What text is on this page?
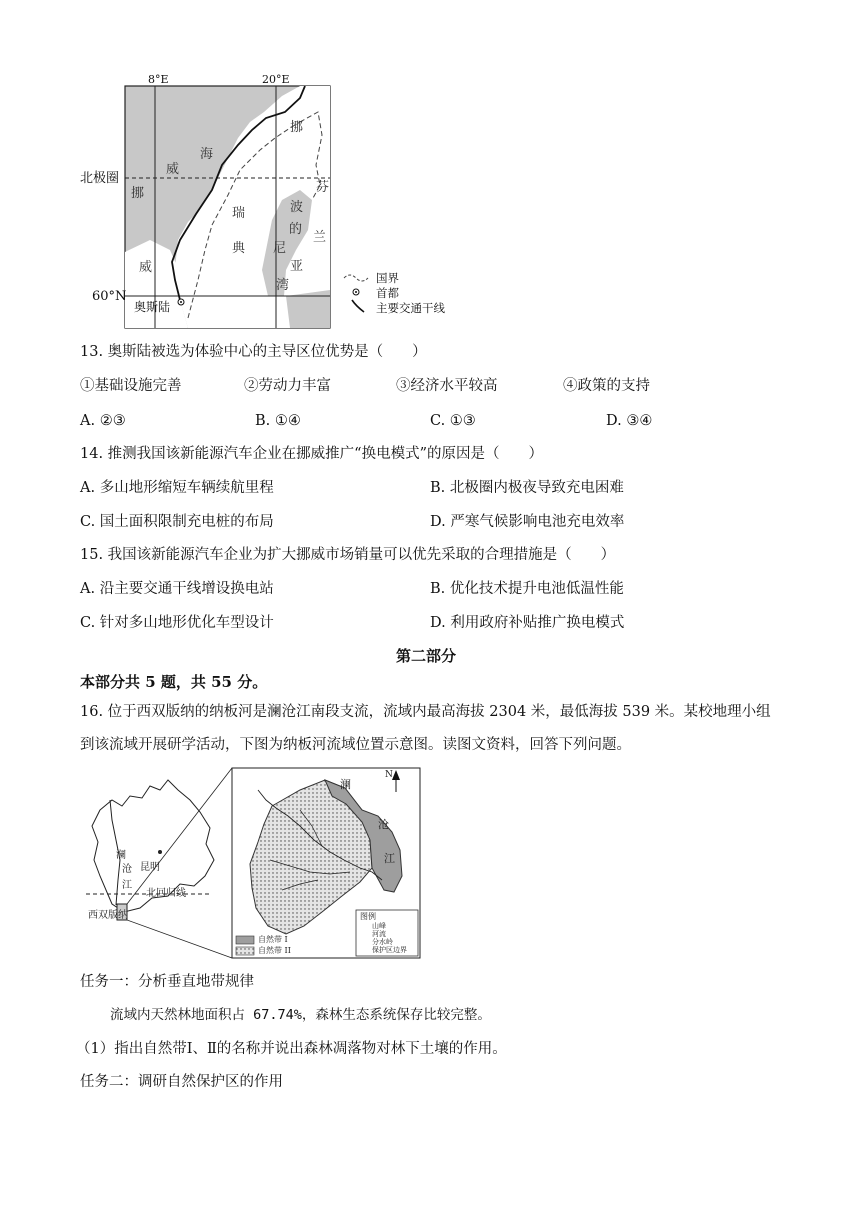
8°E	20°E
北极圈
60°N
挪
威
海
威
挪
瑞
典
芬
兰
波
的
尼
亚
湾
奥斯陆
国界
首都
主要交通干线
13. 奥斯陆被选为体验中心的主导区位优势是（　　）
①基础设施完善	②劳动力丰富	③经济水平较高	④政策的支持
A. ②③	B. ①④	C. ①③	D. ③④
14. 推测我国该新能源汽车企业在挪威推广“换电模式”的原因是（　　）
A. 多山地形缩短车辆续航里程	B. 北极圈内极夜导致充电困难
C. 国土面积限制充电桩的布局	D. 严寒气候影响电池充电效率
15. 我国该新能源汽车企业为扩大挪威市场销量可以优先采取的合理措施是（　　）
A. 沿主要交通干线增设换电站	B. 优化技术提升电池低温性能
C. 针对多山地形优化车型设计	D. 利用政府补贴推广换电模式
第二部分
本部分共 5 题，共 55 分。
16. 位于西双版纳的纳板河是澜沧江南段支流，流域内最高海拔 2304 米，最低海拔 539 米。某校地理小组
到该流域开展研学活动，下图为纳板河流域位置示意图。读图文资料，回答下列问题。
澜
沧
江
昆明
北回归线
西双版纳
澜
沧
江
N
图例
山峰
河流
分水岭
保护区边界
自然带 I
自然带 II
任务一：分析垂直地带规律
流域内天然林地面积占 67.74%，森林生态系统保存比较完整。
（1）指出自然带Ⅰ、Ⅱ的名称并说出森林凋落物对林下土壤的作用。
任务二：调研自然保护区的作用
